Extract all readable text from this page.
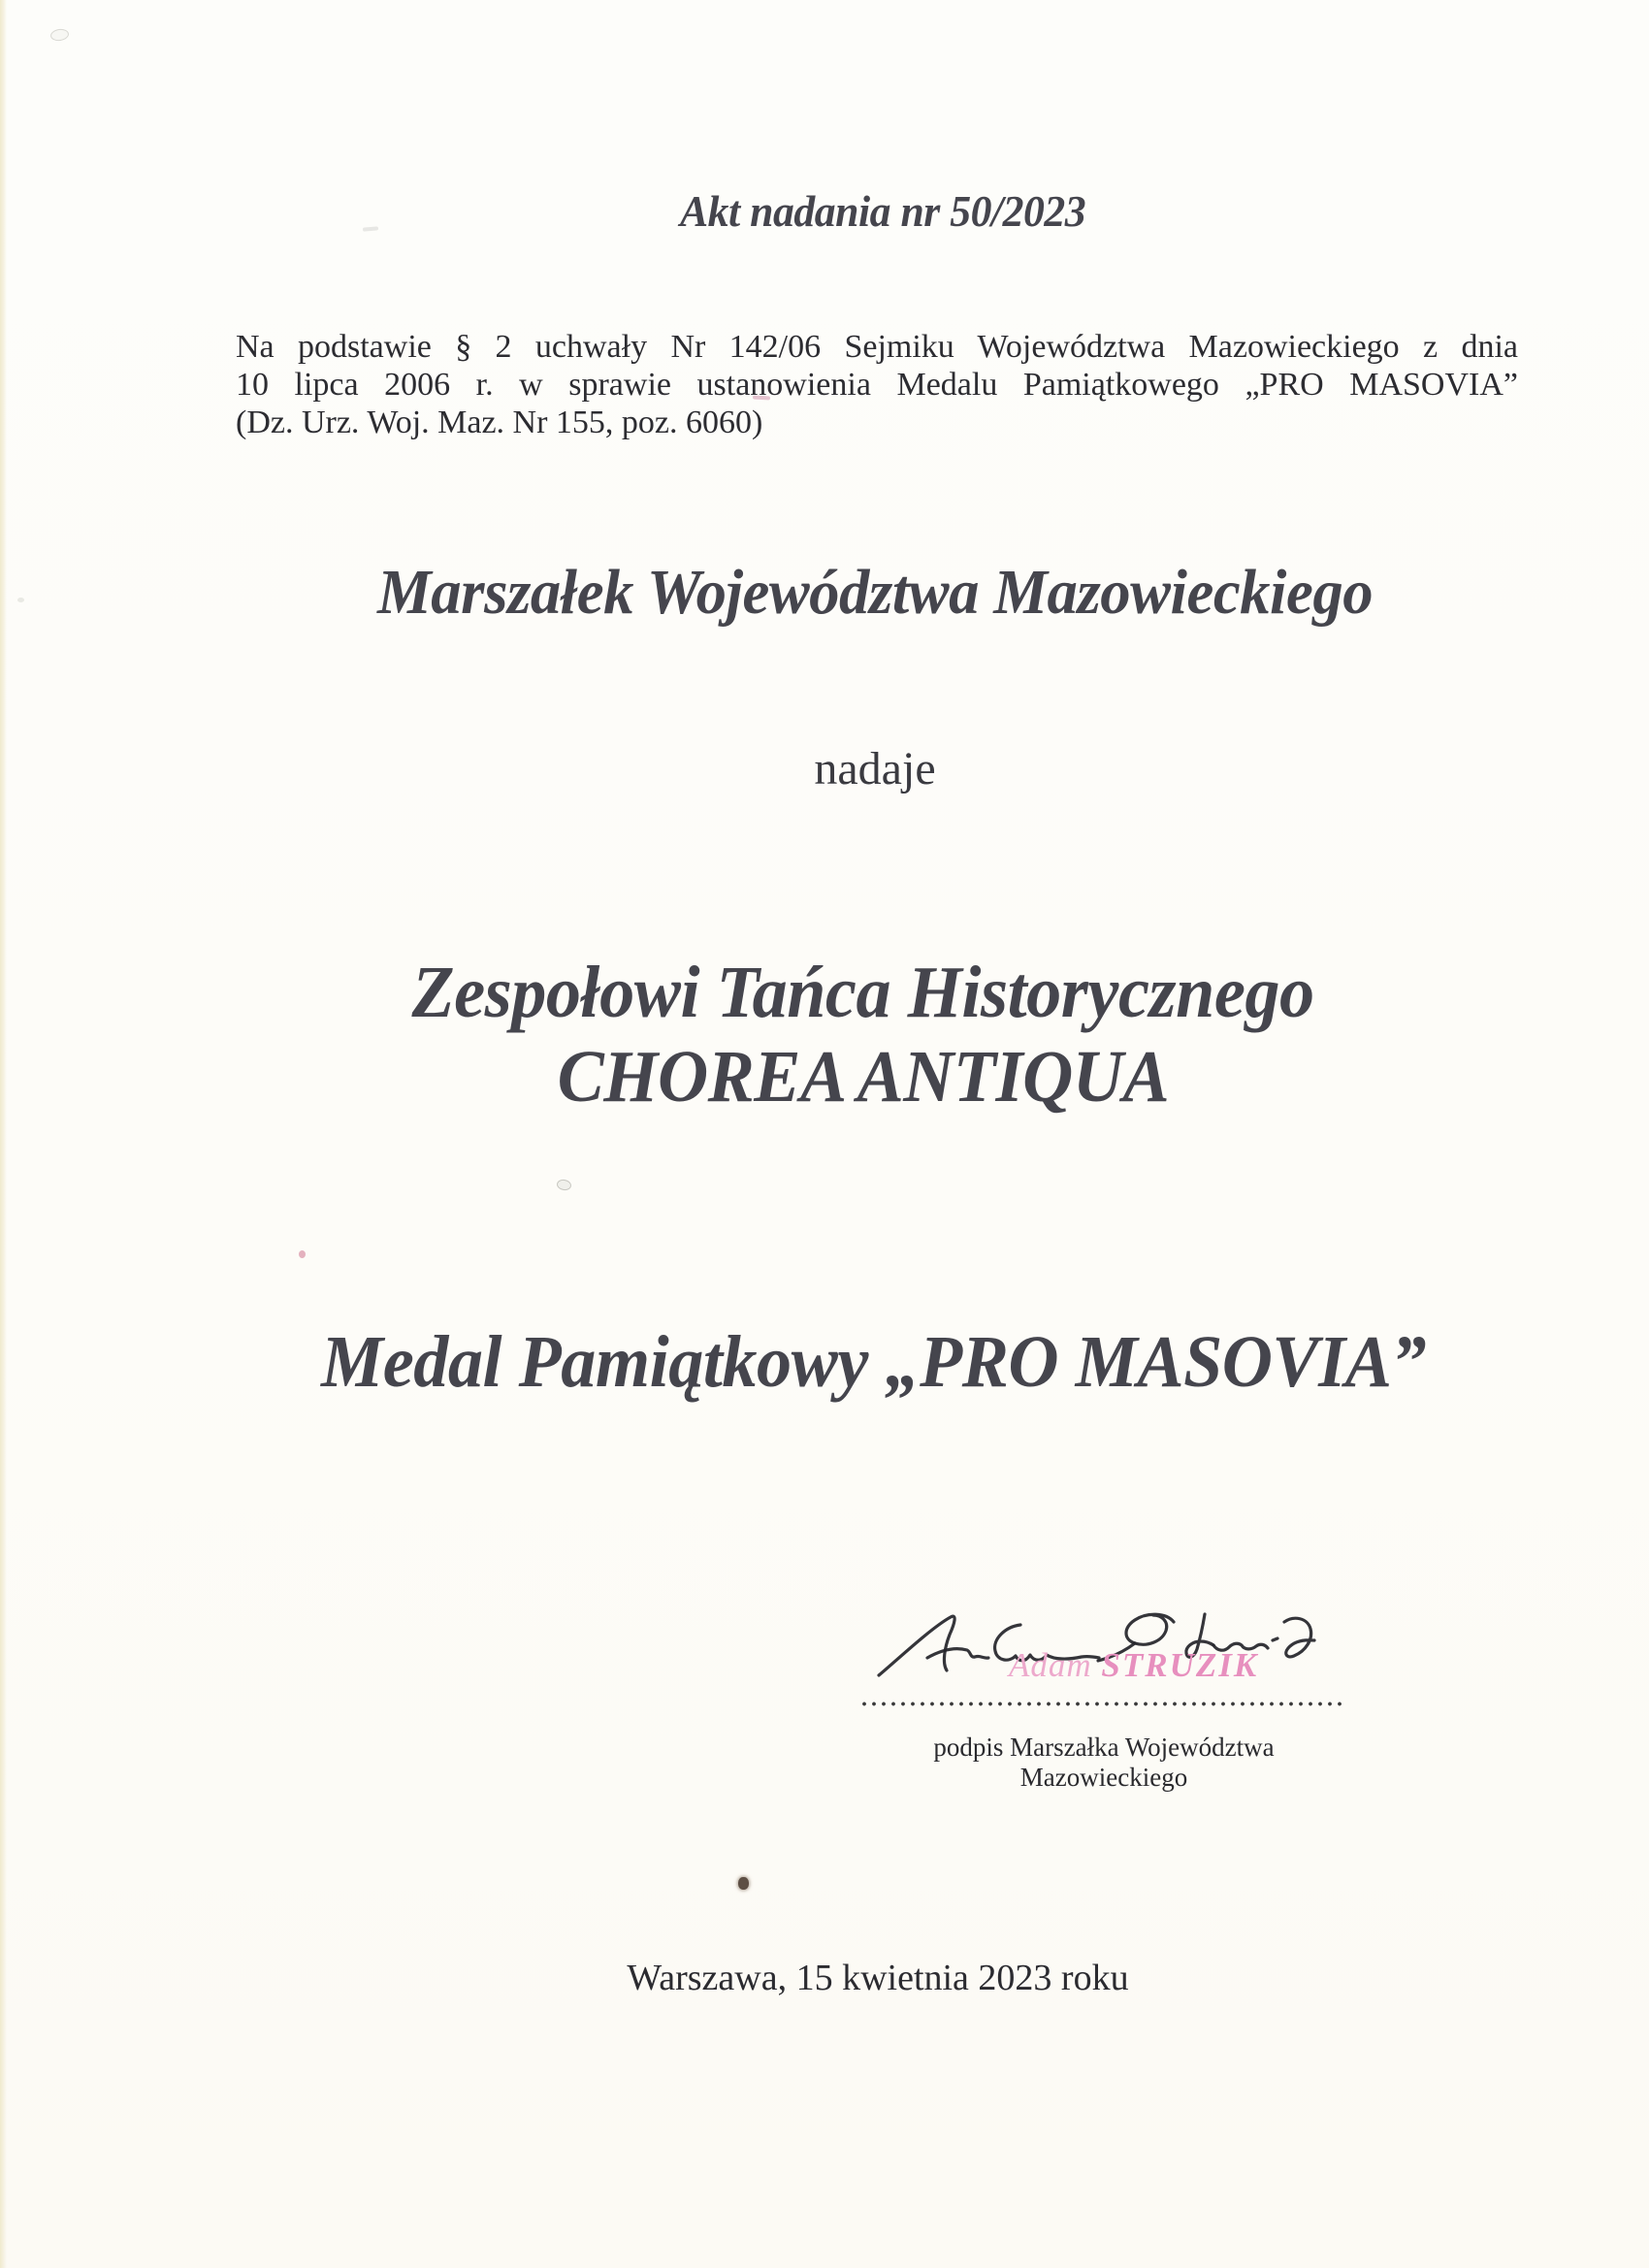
Akt nadania nr 50/2023
Na podstawie § 2 uchwały Nr 142/06 Sejmiku Województwa Mazowieckiego z dnia
10 lipca 2006 r. w sprawie ustanowienia Medalu Pamiątkowego „PRO MASOVIA”
(Dz. Urz. Woj. Maz. Nr 155, poz. 6060)
Marszałek Województwa Mazowieckiego
nadaje
Zespołowi Tańca Historycznego
CHOREA ANTIQUA
Medal Pamiątkowy „PRO MASOVIA”
Adam STRUZIK
podpis Marszałka Województwa Mazowieckiego
Warszawa, 15 kwietnia 2023 roku
